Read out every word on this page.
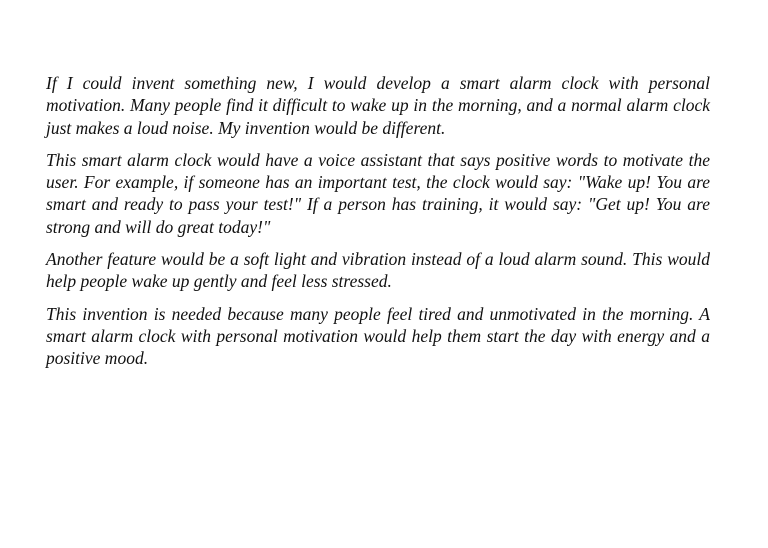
If I could invent something new, I would develop a smart alarm clock with personal motivation. Many people find it difficult to wake up in the morning, and a normal alarm clock just makes a loud noise. My invention would be different.

This smart alarm clock would have a voice assistant that says positive words to motivate the user. For example, if someone has an important test, the clock would say: "Wake up! You are smart and ready to pass your test!" If a person has training, it would say: "Get up! You are strong and will do great today!"

Another feature would be a soft light and vibration instead of a loud alarm sound. This would help people wake up gently and feel less stressed.

This invention is needed because many people feel tired and unmotivated in the morning. A smart alarm clock with personal motivation would help them start the day with energy and a positive mood.
